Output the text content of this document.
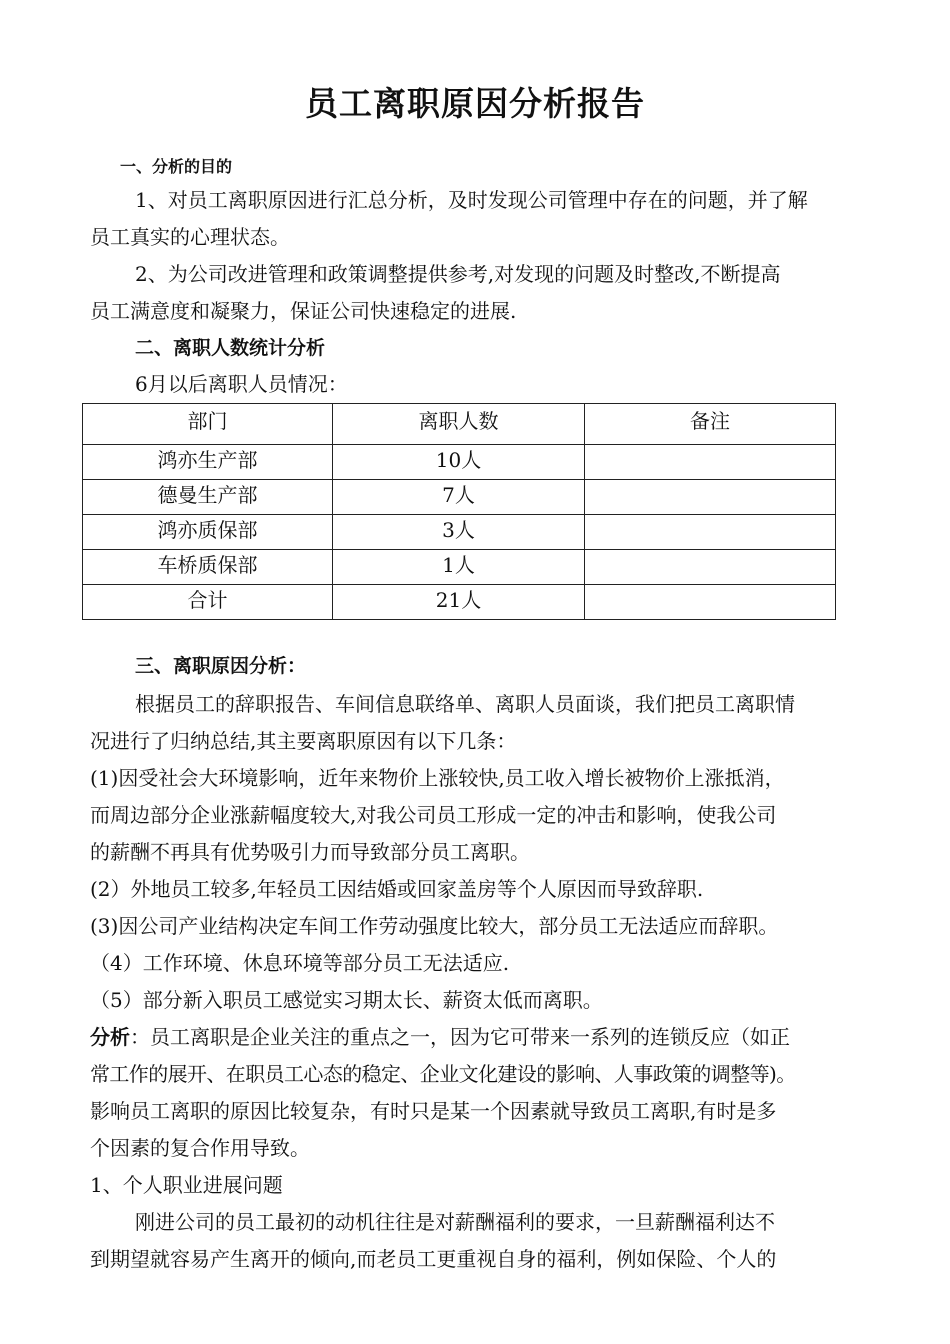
员工离职原因分析报告
一、分析的目的
1、对员工离职原因进行汇总分析，及时发现公司管理中存在的问题，并了解
员工真实的心理状态。
2、为公司改进管理和政策调整提供参考,对发现的问题及时整改,不断提高
员工满意度和凝聚力，保证公司快速稳定的进展.
二、离职人数统计分析
6月以后离职人员情况：
部门	离职人数	备注
鸿亦生产部	10人	
德曼生产部	7人	
鸿亦质保部	3人	
车桥质保部	1人	
合计	21人	
三、离职原因分析：
根据员工的辞职报告、车间信息联络单、离职人员面谈，我们把员工离职情
况进行了归纳总结,其主要离职原因有以下几条：
(1)因受社会大环境影响，近年来物价上涨较快,员工收入增长被物价上涨抵消，
而周边部分企业涨薪幅度较大,对我公司员工形成一定的冲击和影响，使我公司
的薪酬不再具有优势吸引力而导致部分员工离职。
(2）外地员工较多,年轻员工因结婚或回家盖房等个人原因而导致辞职.
(3)因公司产业结构决定车间工作劳动强度比较大，部分员工无法适应而辞职。
（4）工作环境、休息环境等部分员工无法适应.
（5）部分新入职员工感觉实习期太长、薪资太低而离职。
分析：员工离职是企业关注的重点之一，因为它可带来一系列的连锁反应（如正
常工作的展开、在职员工心态的稳定、企业文化建设的影响、人事政策的调整等)。
影响员工离职的原因比较复杂，有时只是某一个因素就导致员工离职,有时是多
个因素的复合作用导致。
1、个人职业进展问题
刚进公司的员工最初的动机往往是对薪酬福利的要求，一旦薪酬福利达不
到期望就容易产生离开的倾向,而老员工更重视自身的福利，例如保险、个人的
